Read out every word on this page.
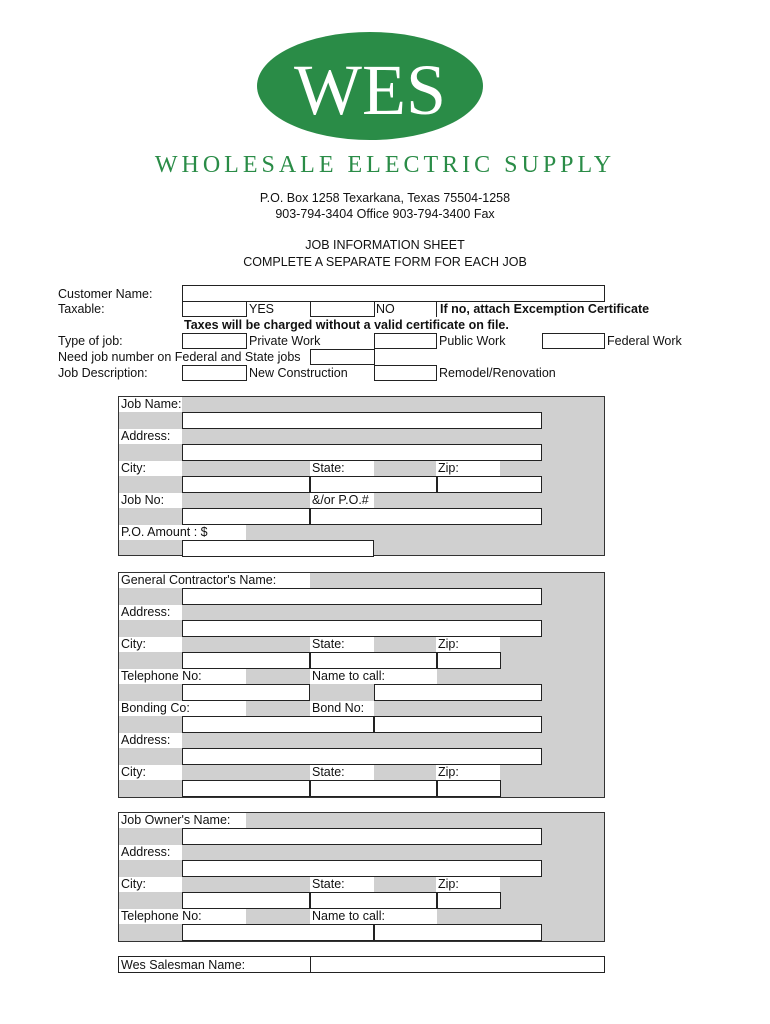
WES
WHOLESALE ELECTRIC SUPPLY
P.O. Box 1258 Texarkana, Texas 75504-1258
903-794-3404 Office 903-794-3400 Fax
JOB INFORMATION SHEET
COMPLETE A SEPARATE FORM FOR EACH JOB
Customer Name:
Taxable:	YES	NO	If no, attach Excemption Certificate
Taxes will be charged without a valid certificate on file.
Type of job:	Private Work	Public Work	Federal Work
Need job number on Federal and State jobs
Job Description:	New Construction	Remodel/Renovation
Job Name:
Address:
City:	State:	Zip:
Job No:	&/or P.O.#
P.O. Amount : $
General Contractor's Name:
Address:
City:	State:	Zip:
Telephone No:	Name to call:
Bonding Co:	Bond No:
Address:
City:	State:	Zip:
Job Owner's Name:
Address:
City:	State:	Zip:
Telephone No:	Name to call:
Wes Salesman Name:
